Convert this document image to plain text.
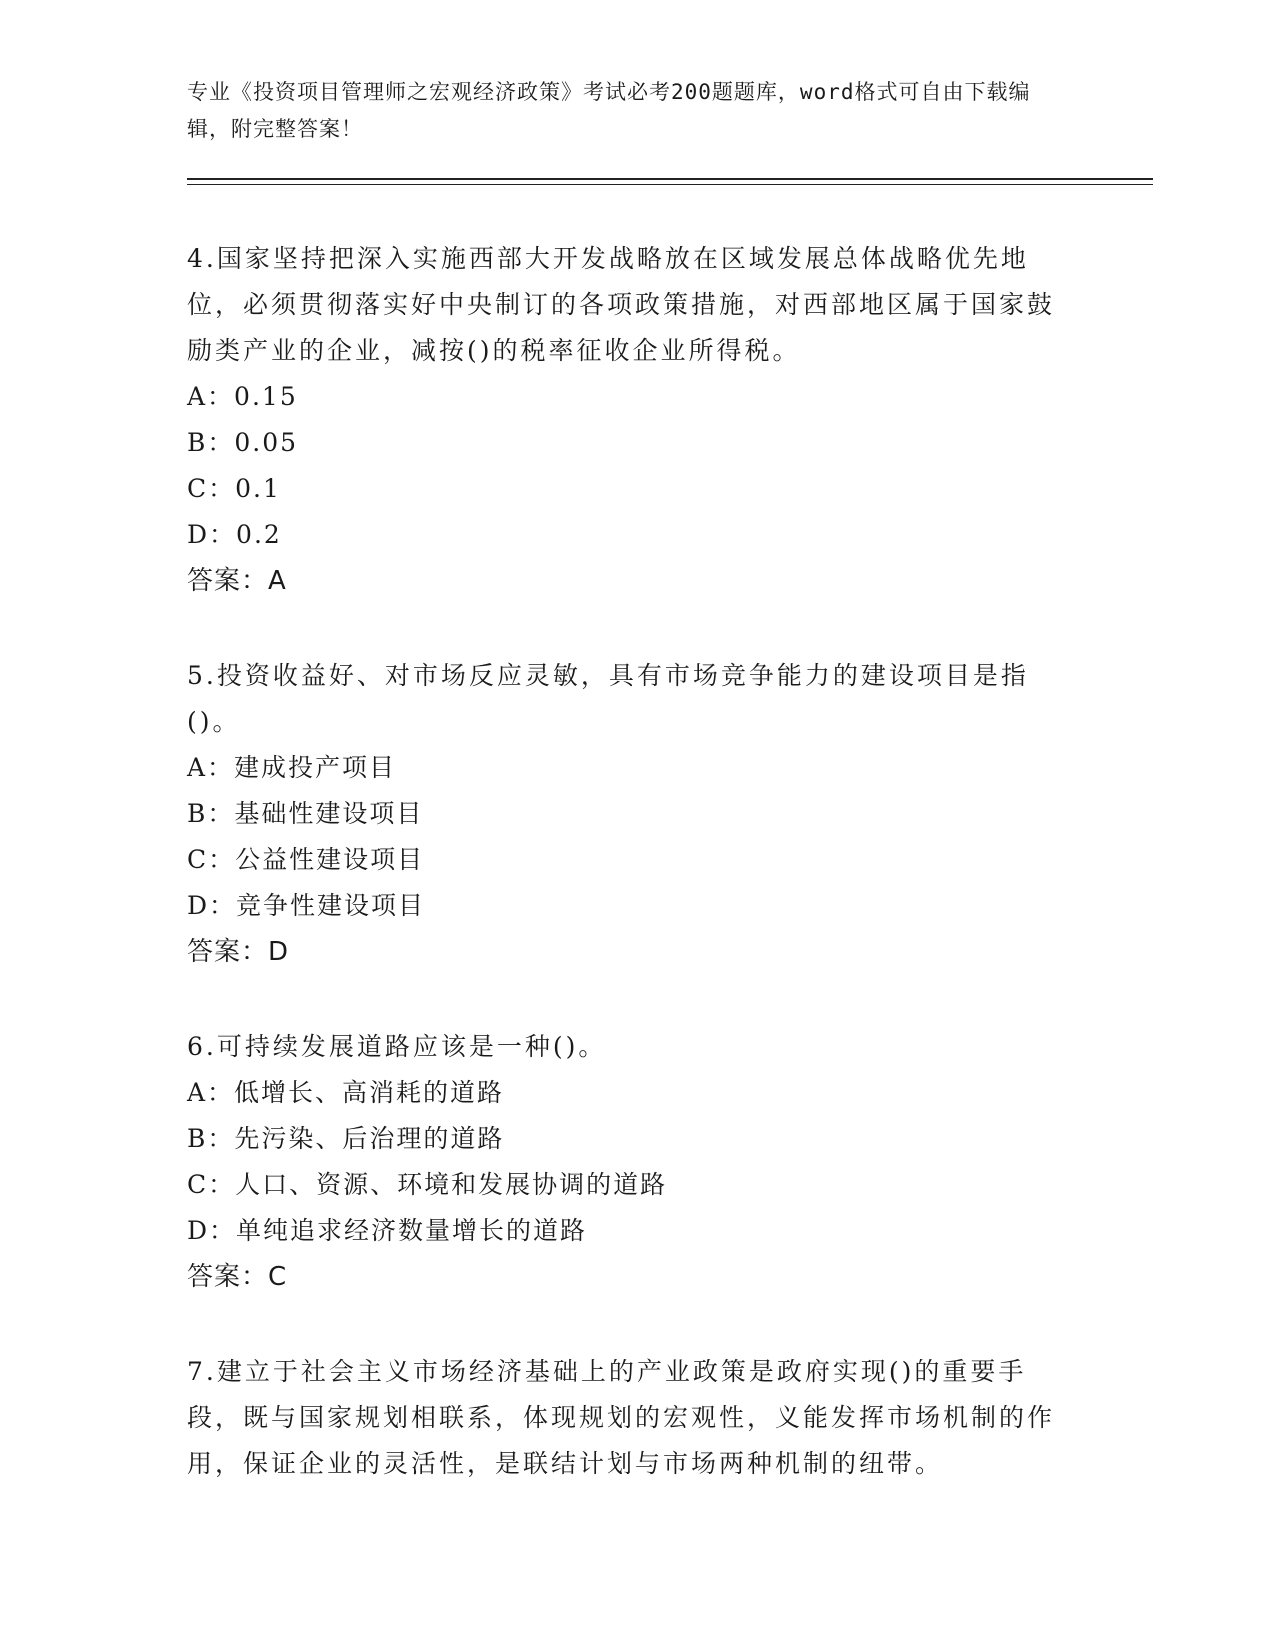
专业《投资项目管理师之宏观经济政策》考试必考200题题库，word格式可自由下载编辑，附完整答案！

4.国家坚持把深入实施西部大开发战略放在区域发展总体战略优先地位，必须贯彻落实好中央制订的各项政策措施，对西部地区属于国家鼓励类产业的企业，减按()的税率征收企业所得税。

A：0.15

B：0.05

C：0.1

D：0.2

答案：A

5.投资收益好、对市场反应灵敏，具有市场竞争能力的建设项目是指()。

A：建成投产项目

B：基础性建设项目

C：公益性建设项目

D：竞争性建设项目

答案：D

6.可持续发展道路应该是一种()。

A：低增长、高消耗的道路

B：先污染、后治理的道路

C：人口、资源、环境和发展协调的道路

D：单纯追求经济数量增长的道路

答案：C

7.建立于社会主义市场经济基础上的产业政策是政府实现()的重要手段，既与国家规划相联系，体现规划的宏观性，义能发挥市场机制的作用，保证企业的灵活性，是联结计划与市场两种机制的纽带。
